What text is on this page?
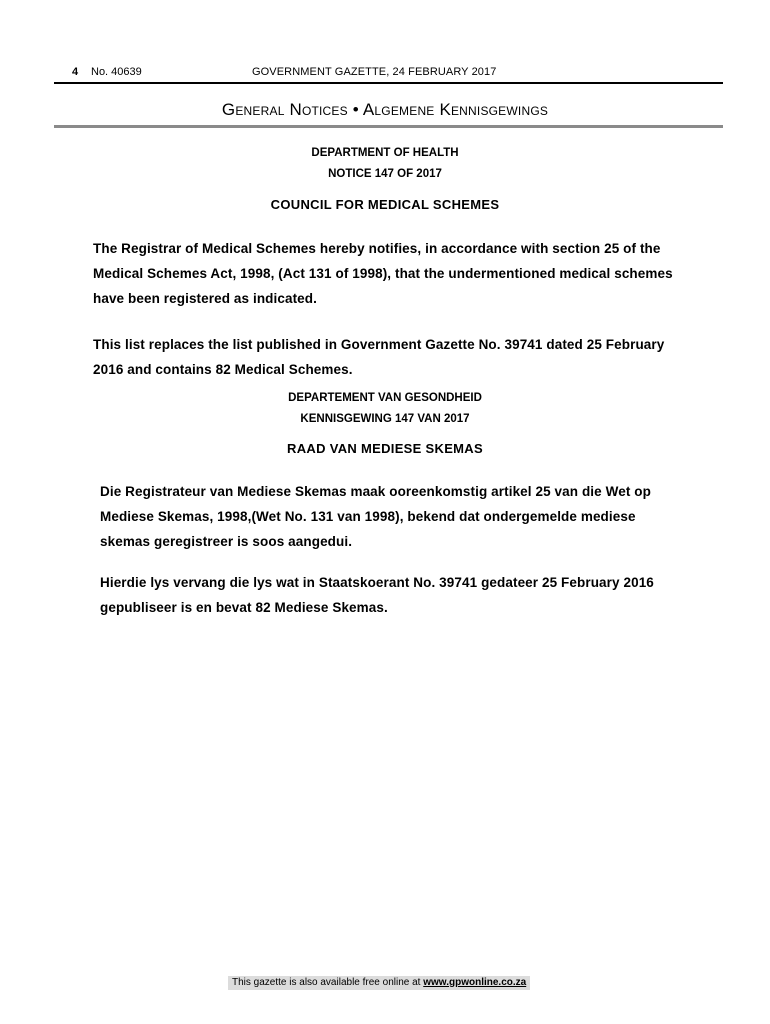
4 No. 40639	GOVERNMENT GAZETTE, 24 FEBRUARY 2017
General Notices • Algemene Kennisgewings
DEPARTMENT OF HEALTH
NOTICE 147 OF 2017
COUNCIL FOR MEDICAL SCHEMES

The Registrar of Medical Schemes hereby notifies, in accordance with section 25 of the Medical Schemes Act, 1998, (Act 131 of 1998), that the undermentioned medical schemes have been registered as indicated.

This list replaces the list published in Government Gazette No. 39741 dated 25 February 2016 and contains 82 Medical Schemes.

DEPARTEMENT VAN GESONDHEID
KENNISGEWING 147 VAN 2017
RAAD VAN MEDIESE SKEMAS

Die Registrateur van Mediese Skemas maak ooreenkomstig artikel 25 van die Wet op Mediese Skemas, 1998,(Wet No. 131 van 1998), bekend dat ondergemelde mediese skemas geregistreer is soos aangedui.

Hierdie lys vervang die lys wat in Staatskoerant No. 39741 gedateer 25 February 2016 gepubliseer is en bevat 82 Mediese Skemas.

This gazette is also available free online at www.gpwonline.co.za
